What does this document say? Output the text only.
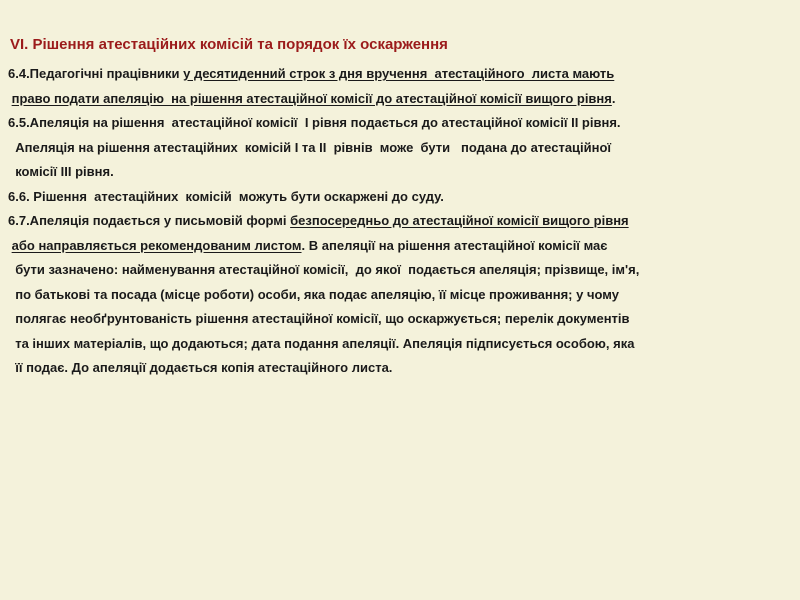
VI. Рішення атестаційних комісій та порядок їх оскарження
6.4.Педагогічні працівники у десятиденний строк з дня вручення  атестаційного  листа мають
право подати апеляцію  на рішення атестаційної комісії до атестаційної комісії вищого рівня.
6.5.Апеляція на рішення  атестаційної комісії  І рівня подається до атестаційної комісії ІІ рівня.
Апеляція на рішення атестаційних  комісій І та ІІ  рівнів  може  бути   подана до атестаційної
комісії ІІІ рівня.
6.6. Рішення  атестаційних  комісій  можуть бути оскаржені до суду.
6.7.Апеляція подається у письмовій формі безпосередньо до атестаційної комісії вищого рівня
або направляється рекомендованим листом. В апеляції на рішення атестаційної комісії має
бути зазначено: найменування атестаційної комісії,  до якої  подається апеляція; прізвище, ім'я,
по батькові та посада (місце роботи) особи, яка подає апеляцію, її місце проживання; у чому
полягає необґрунтованість рішення атестаційної комісії, що оскаржується; перелік документів
та інших матеріалів, що додаються; дата подання апеляції. Апеляція підписується особою, яка
її подає. До апеляції додається копія атестаційного листа.
